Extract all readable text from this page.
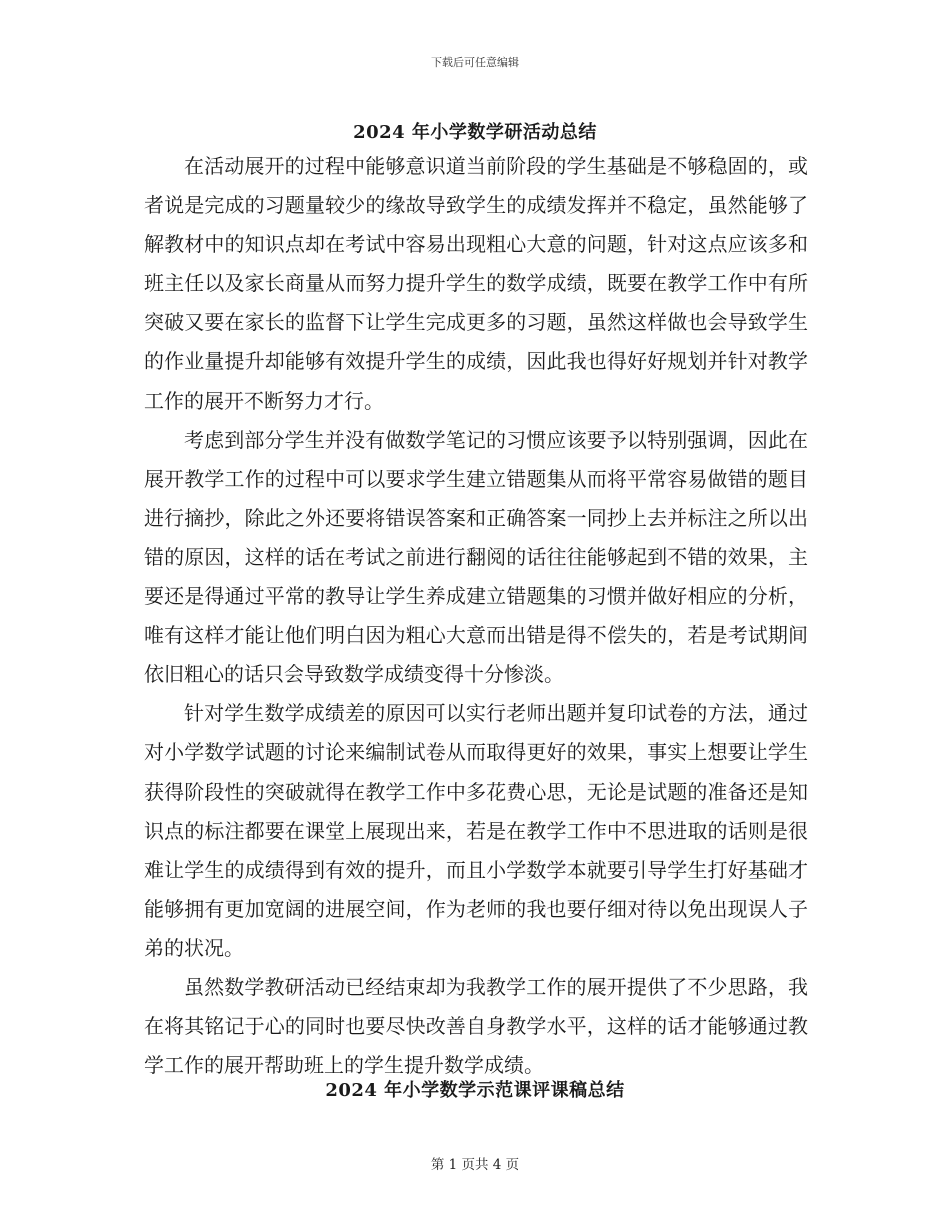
下载后可任意编辑
2024 年小学数学研活动总结

在活动展开的过程中能够意识道当前阶段的学生基础是不够稳固的，或者说是完成的习题量较少的缘故导致学生的成绩发挥并不稳定，虽然能够了解教材中的知识点却在考试中容易出现粗心大意的问题，针对这点应该多和班主任以及家长商量从而努力提升学生的数学成绩，既要在教学工作中有所突破又要在家长的监督下让学生完成更多的习题，虽然这样做也会导致学生的作业量提升却能够有效提升学生的成绩，因此我也得好好规划并针对教学工作的展开不断努力才行。

考虑到部分学生并没有做数学笔记的习惯应该要予以特别强调，因此在展开教学工作的过程中可以要求学生建立错题集从而将平常容易做错的题目进行摘抄，除此之外还要将错误答案和正确答案一同抄上去并标注之所以出错的原因，这样的话在考试之前进行翻阅的话往往能够起到不错的效果，主要还是得通过平常的教导让学生养成建立错题集的习惯并做好相应的分析，唯有这样才能让他们明白因为粗心大意而出错是得不偿失的，若是考试期间依旧粗心的话只会导致数学成绩变得十分惨淡。

针对学生数学成绩差的原因可以实行老师出题并复印试卷的方法，通过对小学数学试题的讨论来编制试卷从而取得更好的效果，事实上想要让学生获得阶段性的突破就得在教学工作中多花费心思，无论是试题的准备还是知识点的标注都要在课堂上展现出来，若是在教学工作中不思进取的话则是很难让学生的成绩得到有效的提升，而且小学数学本就要引导学生打好基础才能够拥有更加宽阔的进展空间，作为老师的我也要仔细对待以免出现误人子弟的状况。

虽然数学教研活动已经结束却为我教学工作的展开提供了不少思路，我在将其铭记于心的同时也要尽快改善自身教学水平，这样的话才能够通过教学工作的展开帮助班上的学生提升数学成绩。

2024 年小学数学示范课评课稿总结
第 1 页共 4 页
